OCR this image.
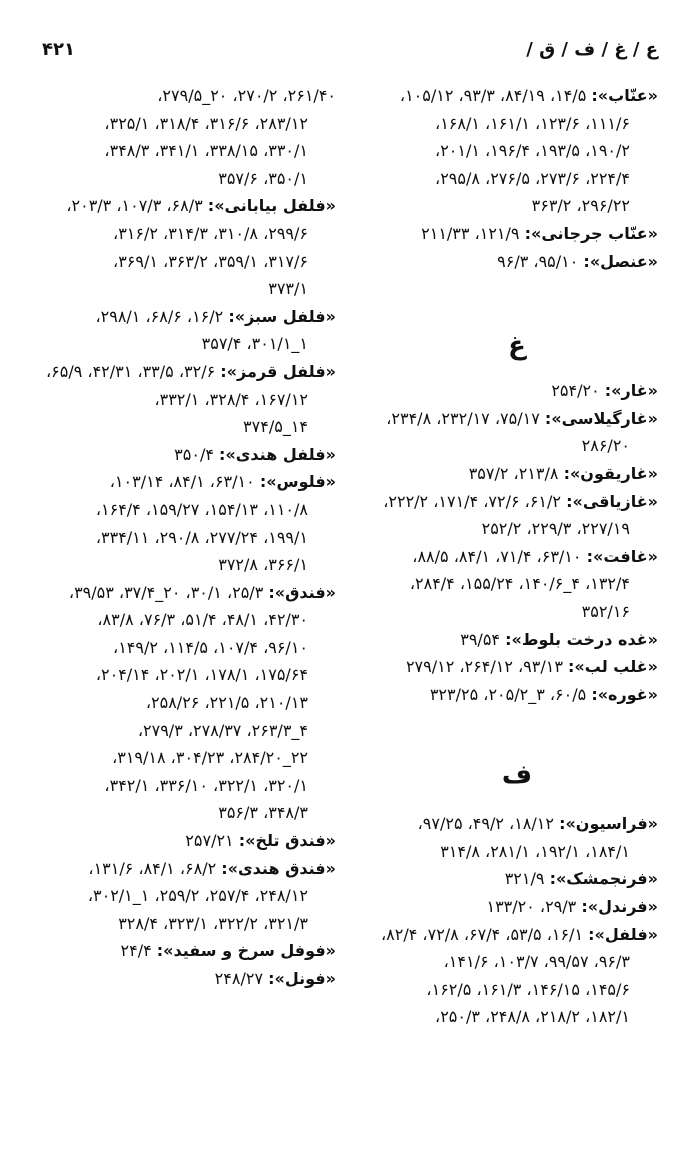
۴۲۱	ع / غ / ف / ق /
«عنّاب»: ۱۴/۵، ۸۴/۱۹، ۹۳/۳، ۱۰۵/۱۲،
۱۱۱/۶، ۱۲۳/۶، ۱۶۱/۱، ۱۶۸/۱،
۱۹۰/۲، ۱۹۳/۵، ۱۹۶/۴، ۲۰۱/۱،
۲۲۴/۴، ۲۷۳/۶، ۲۷۶/۵، ۲۹۵/۸،
۲۹۶/۲۲، ۳۶۳/۲
«عنّاب جرجانی»: ۱۲۱/۹، ۲۱۱/۳۳
«عنصل»: ۹۵/۱۰، ۹۶/۳
غ
«غار»: ۲۵۴/۲۰
«غارگیلاسی»: ۷۵/۱۷، ۲۳۲/۱۷، ۲۳۴/۸،
۲۸۶/۲۰
«غاریقون»: ۲۱۳/۸، ۳۵۷/۲
«غازیاقی»: ۶۱/۲، ۷۲/۶، ۱۷۱/۴، ۲۲۲/۲،
۲۲۷/۱۹، ۲۲۹/۳، ۲۵۲/۲
«غافت»: ۶۳/۱۰، ۷۱/۴، ۸۴/۱، ۸۸/۵،
۱۳۲/۴، ۴_۱۴۰/۶، ۱۵۵/۲۴، ۲۸۴/۴،
۳۵۲/۱۶
«غده درخت بلوط»: ۳۹/۵۴
«غلب لب»: ۹۳/۱۳، ۲۶۴/۱۲، ۲۷۹/۱۲
«غوره»: ۶۰/۵، ۳_۲۰۵/۲، ۳۲۳/۲۵
ف
«فراسیون»: ۱۸/۱۲، ۴۹/۲، ۹۷/۲۵،
۱۸۴/۱، ۱۹۲/۱، ۲۸۱/۱، ۳۱۴/۸
«فرنجمشک»: ۳۲۱/۹
«فرندل»: ۲۹/۳، ۱۳۳/۲۰
«فلفل»: ۱۶/۱، ۵۳/۵، ۶۷/۴، ۷۲/۸، ۸۲/۴،
۹۶/۳، ۹۹/۵۷، ۱۰۳/۷، ۱۴۱/۶،
۱۴۵/۶، ۱۴۶/۱۵، ۱۶۱/۳، ۱۶۲/۵،
۱۸۲/۱، ۲۱۸/۲، ۲۴۸/۸، ۲۵۰/۳،
۲۶۱/۴۰، ۲۷۰/۲، ۲۰_۲۷۹/۵،
۲۸۳/۱۲، ۳۱۶/۶، ۳۱۸/۴، ۳۲۵/۱،
۳۳۰/۱، ۳۳۸/۱۵، ۳۴۱/۱، ۳۴۸/۳،
۳۵۰/۱، ۳۵۷/۶
«فلفل بیابانی»: ۶۸/۳، ۱۰۷/۳، ۲۰۳/۳،
۲۹۹/۶، ۳۱۰/۸، ۳۱۴/۳، ۳۱۶/۲،
۳۱۷/۶، ۳۵۹/۱، ۳۶۳/۲، ۳۶۹/۱،
۳۷۳/۱
«فلفل سبز»: ۱۶/۲، ۶۸/۶، ۲۹۸/۱،
۱_۳۰۱/۱، ۳۵۷/۴
«فلفل قرمز»: ۳۲/۶، ۳۳/۵، ۴۲/۳۱، ۶۵/۹،
۱۶۷/۱۲، ۳۲۸/۴، ۳۳۲/۱،
۱۴_۳۷۴/۵
«فلفل هندی»: ۳۵۰/۴
«فلوس»: ۶۳/۱۰، ۸۴/۱، ۱۰۳/۱۴،
۱۱۰/۸، ۱۵۴/۱۳، ۱۵۹/۲۷، ۱۶۴/۴،
۱۹۹/۱، ۲۷۷/۲۴، ۲۹۰/۸، ۳۳۴/۱۱،
۳۶۶/۱، ۳۷۲/۸
«فندق»: ۲۵/۳، ۳۰/۱، ۲۰_۳۷/۴، ۳۹/۵۳،
۴۲/۳۰، ۴۸/۱، ۵۱/۴، ۷۶/۳، ۸۳/۸،
۹۶/۱۰، ۱۰۷/۴، ۱۱۴/۵، ۱۴۹/۲،
۱۷۵/۶۴، ۱۷۸/۱، ۲۰۲/۱، ۲۰۴/۱۴،
۲۱۰/۱۳، ۲۲۱/۵، ۲۵۸/۲۶،
۴_۲۶۳/۳، ۲۷۸/۳۷، ۲۷۹/۳،
۲۲_۲۸۴/۲۰، ۳۰۴/۲۳، ۳۱۹/۱۸،
۳۲۰/۱، ۳۲۲/۱، ۳۳۶/۱۰، ۳۴۲/۱،
۳۴۸/۳، ۳۵۶/۳
«فندق تلخ»: ۲۵۷/۲۱
«فندق هندی»: ۶۸/۲، ۸۴/۱، ۱۳۱/۶،
۲۴۸/۱۲، ۲۵۷/۴، ۲۵۹/۲، ۱_۳۰۲/۱،
۳۲۱/۳، ۳۲۲/۲، ۳۲۳/۱، ۳۲۸/۴
«فوفل سرخ و سفید»: ۲۴/۴
«فونل»: ۲۴۸/۲۷
